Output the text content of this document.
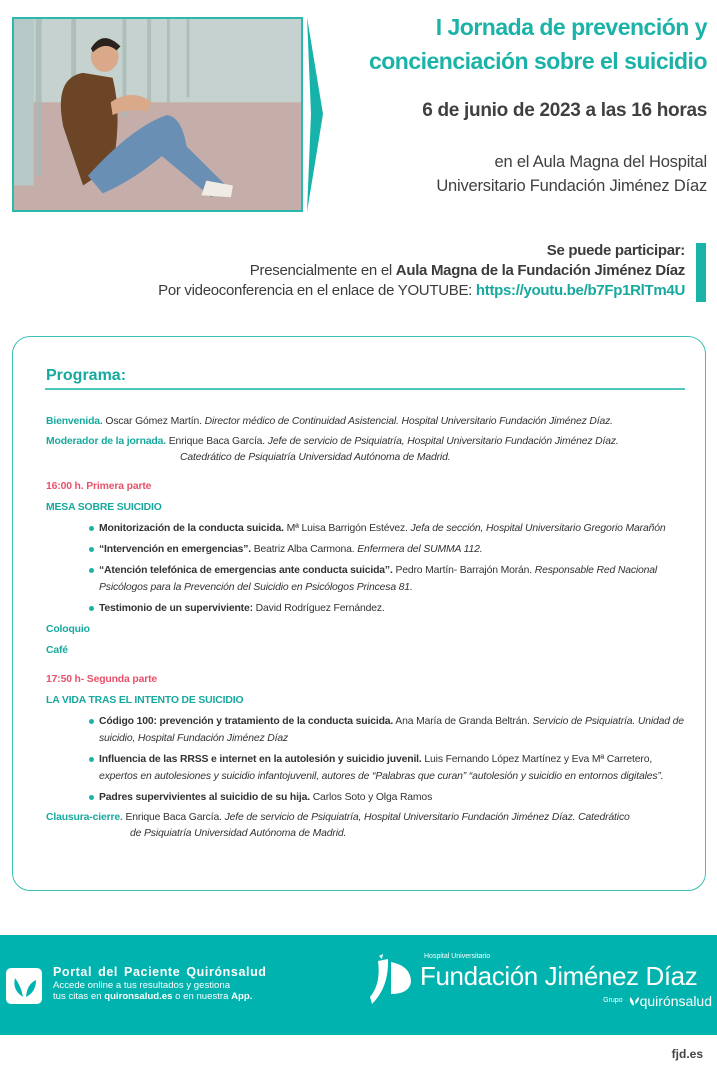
I Jornada de prevención y
concienciación sobre el suicidio
6 de junio de 2023 a las 16 horas
en el Aula Magna del Hospital
Universitario Fundación Jiménez Díaz
Se puede participar:
Presencialmente en el Aula Magna de la Fundación Jiménez Díaz
Por videoconferencia en el enlace de YOUTUBE: https://youtu.be/b7Fp1RlTm4U
Programa:
Bienvenida. Oscar Gómez Martín. Director médico de Continuidad Asistencial. Hospital Universitario Fundación Jiménez Díaz.
Moderador de la jornada. Enrique Baca García. Jefe de servicio de Psiquiatría, Hospital Universitario Fundación Jiménez Díaz.
Catedrático de Psiquiatría Universidad Autónoma de Madrid.
16:00 h. Primera parte
MESA SOBRE SUICIDIO
Monitorización de la conducta suicida. Mª Luisa Barrigón Estévez. Jefa de sección, Hospital Universitario Gregorio Marañón
“Intervención en emergencias”. Beatriz Alba Carmona. Enfermera del SUMMA 112.
“Atención telefónica de emergencias ante conducta suicida”. Pedro Martín- Barrajón Morán. Responsable Red Nacional Psicólogos para la Prevención del Suicidio en Psicólogos Princesa 81.
Testimonio de un superviviente: David Rodríguez Fernández.
Coloquio
Café
17:50 h- Segunda parte
LA VIDA TRAS EL INTENTO DE SUICIDIO
Código 100: prevención y tratamiento de la conducta suicida. Ana María de Granda Beltrán. Servicio de Psiquiatría. Unidad de suicidio, Hospital Fundación Jiménez Díaz
Influencia de las RRSS e internet en la autolesión y suicidio juvenil. Luis Fernando López Martínez y Eva Mª Carretero, expertos en autolesiones y suicidio infantojuvenil, autores de “Palabras que curan” “autolesión y suicidio en entornos digitales”.
Padres supervivientes al suicidio de su hija. Carlos Soto y Olga Ramos
Clausura-cierre. Enrique Baca García. Jefe de servicio de Psiquiatría, Hospital Universitario Fundación Jiménez Díaz. Catedrático
de Psiquiatría Universidad Autónoma de Madrid.
Portal del Paciente Quirónsalud
Accede online a tus resultados y gestiona
tus citas en quironsalud.es o en nuestra App.
Hospital Universitario
Fundación Jiménez Díaz
Grupo quirónsalud
fjd.es
